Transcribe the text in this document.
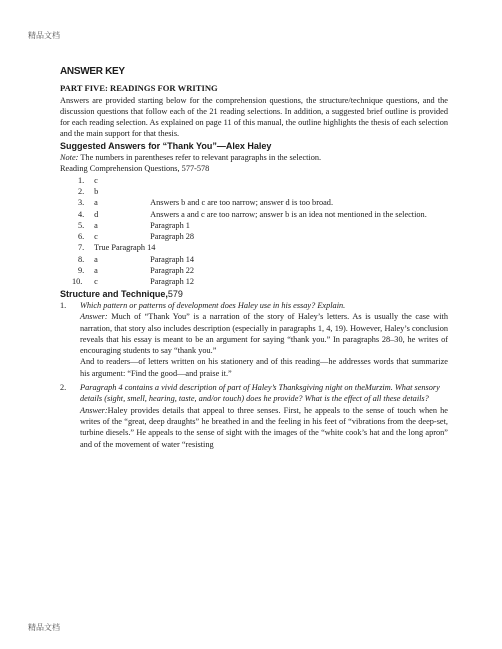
精品文档
ANSWER KEY
PART FIVE: READINGS FOR WRITING

Answers are provided starting below for the comprehension questions, the structure/technique questions, and the discussion questions that follow each of the 21 reading selections. In addition, a suggested brief outline is provided for each reading selection. As explained on page 11 of this manual, the outline highlights the thesis of each selection and the main support for that thesis.

Suggested Answers for “Thank You”—Alex Haley

Note: The numbers in parentheses refer to relevant paragraphs in the selection.

Reading Comprehension Questions, 577-578

1. c
2. b
3. a	Answers b and c are too narrow; answer d is too broad.
4. d	Answers a and c are too narrow; answer b is an idea not mentioned in the selection.
5. a	Paragraph 1
6. c	Paragraph 28
7. True Paragraph 14
8. a	Paragraph 14
9. a	Paragraph 22
10. c	Paragraph 12
Structure and Technique,579

1. Which pattern or patterns of development does Haley use in his essay? Explain.

Answer: Much of “Thank You” is a narration of the story of Haley’s letters. As is usually the case with narration, that story also includes description (especially in paragraphs 1, 4, 19). However, Haley’s conclusion reveals that his essay is meant to be an argument for saying “thank you.” In paragraphs 28–30, he writes of encouraging students to say “thank you.”

And to readers—of letters written on his stationery and of this reading—he addresses words that summarize his argument: “Find the good—and praise it.”

2. Paragraph 4 contains a vivid description of part of Haley’s Thanksgiving night on theMurzim. What sensory details (sight, smell, hearing, taste, and/or touch) does he provide? What is the effect of all these details?

Answer:Haley provides details that appeal to three senses. First, he appeals to the sense of touch when he writes of the “great, deep draughts” he breathed in and the feeling in his feet of “vibrations from the deep-set, turbine diesels.” He appeals to the sense of sight with the images of the “white cook’s hat and the long apron” and of the movement of water “resisting

精品文档
